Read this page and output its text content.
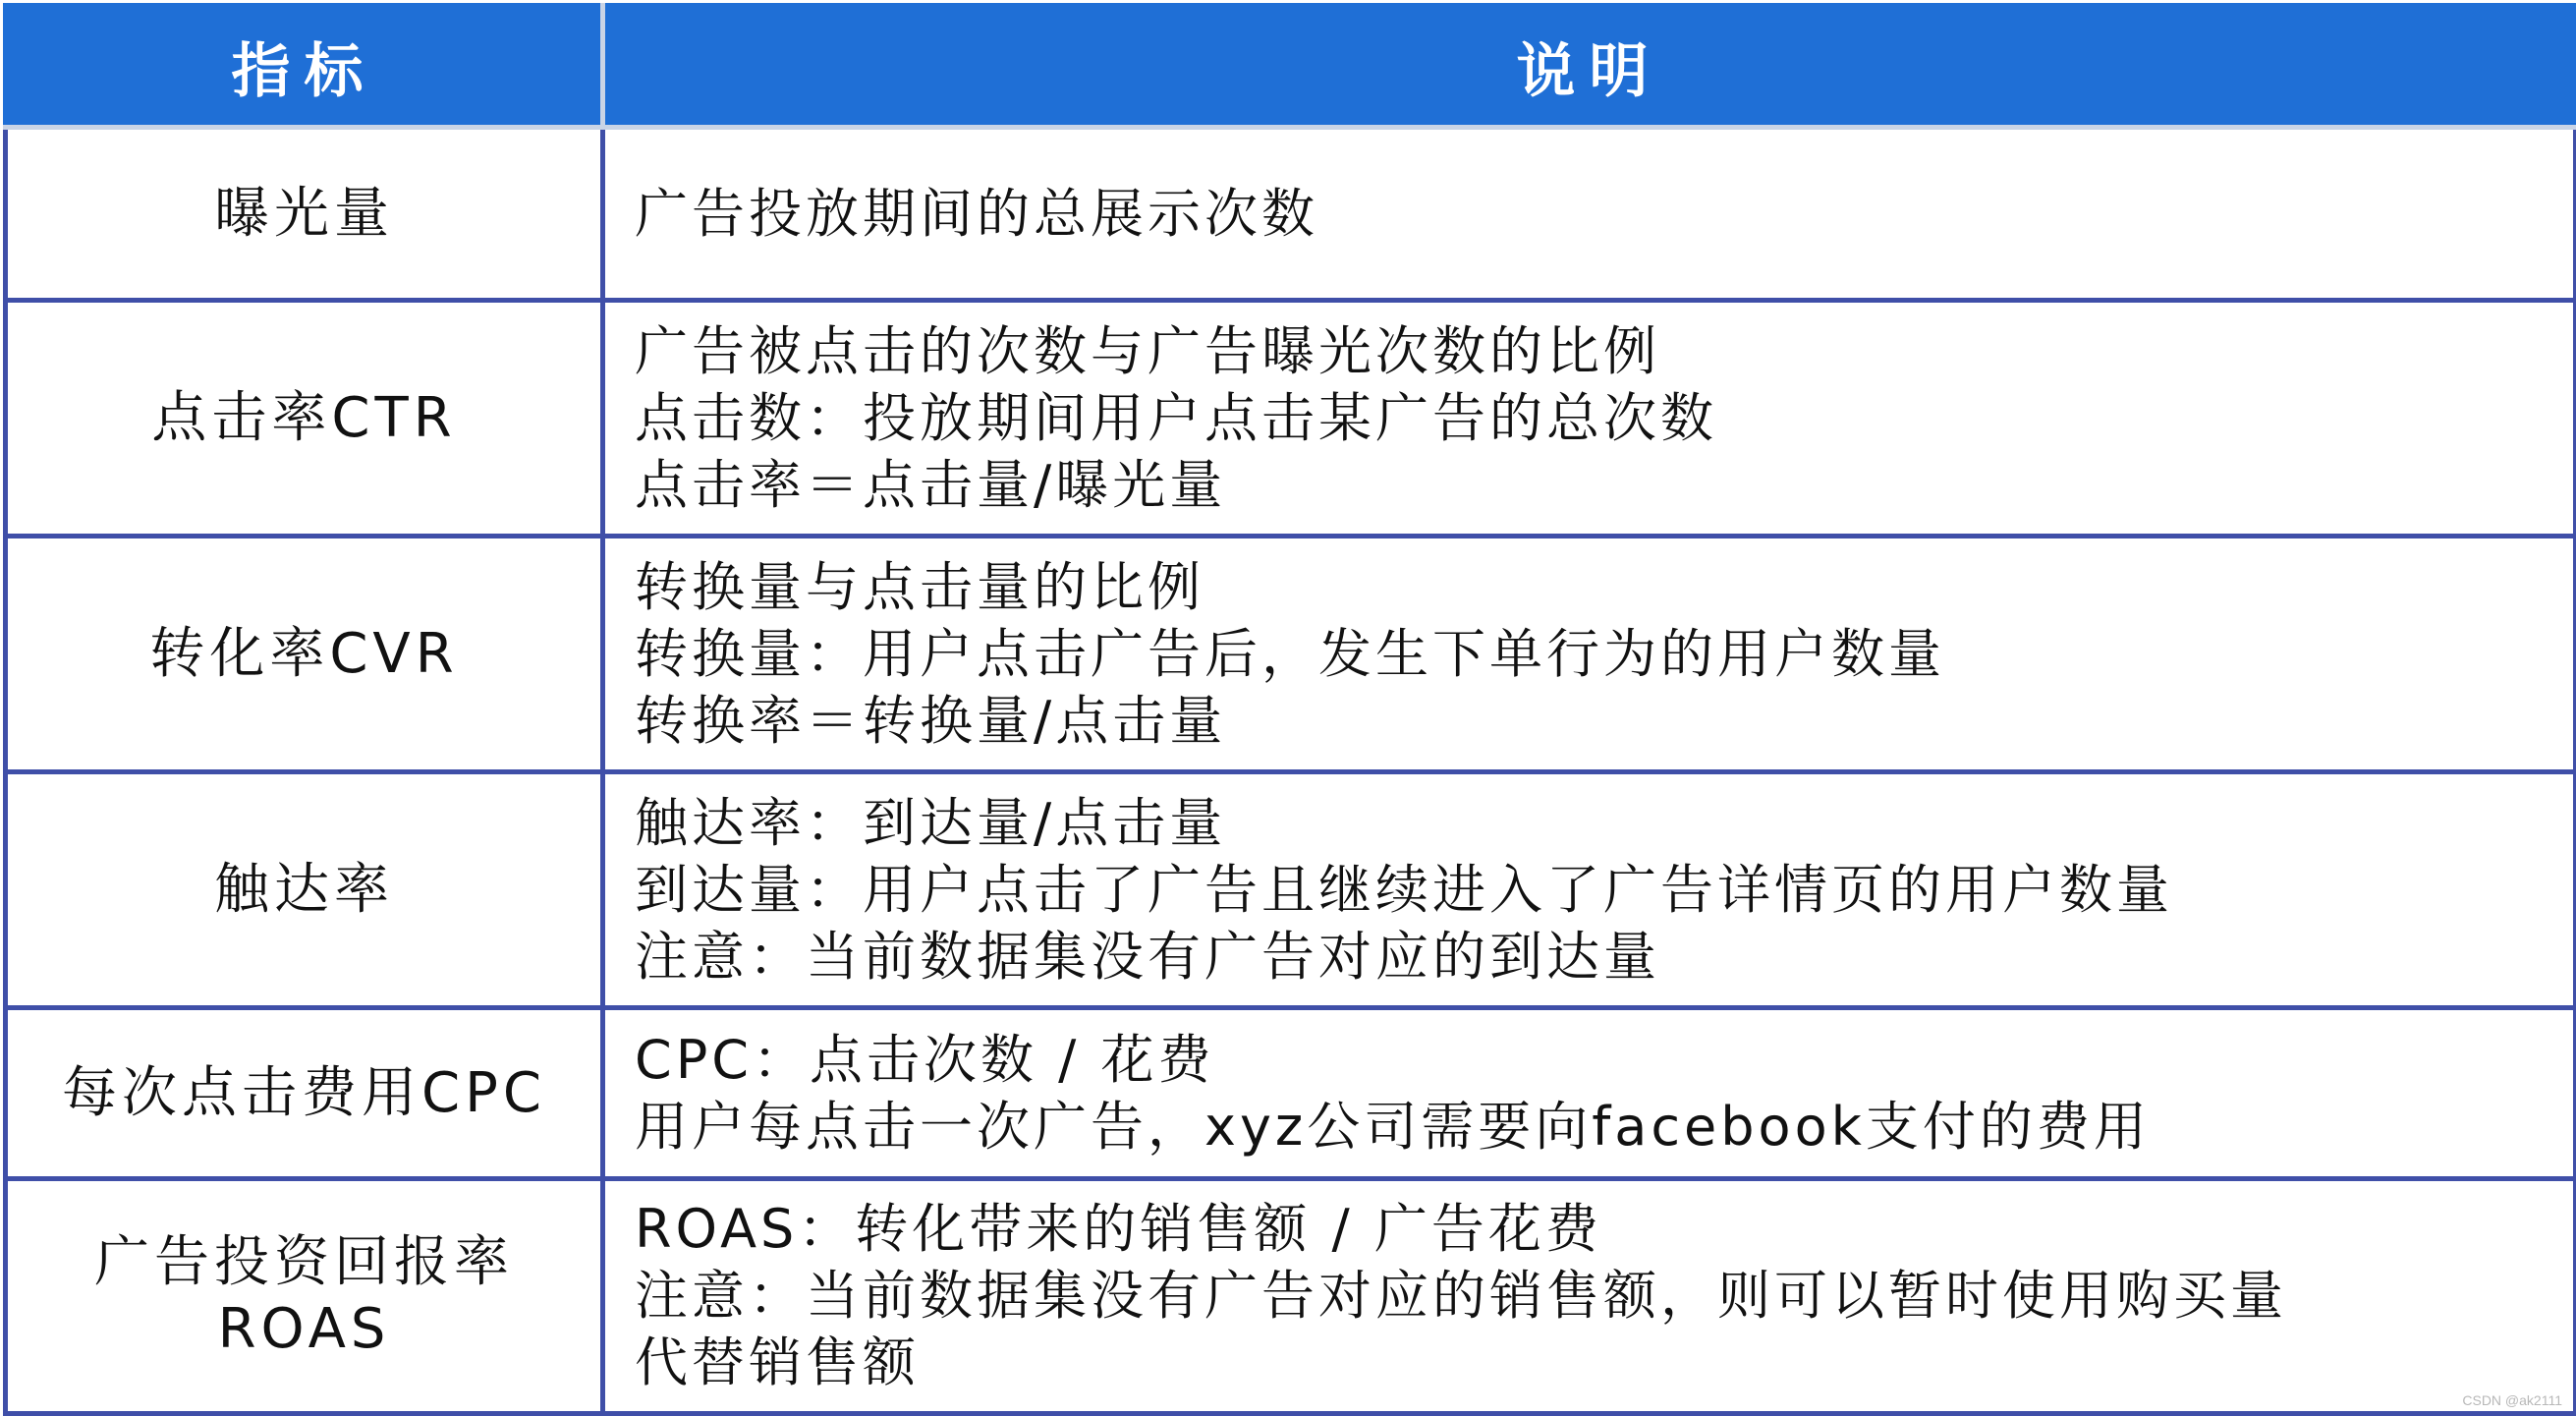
指标	说明
曝光量	广告投放期间的总展示次数

点击率CTR	广告被点击的次数与广告曝光次数的比例
点击数：投放期间用户点击某广告的总次数
点击率＝点击量/曝光量

转化率CVR	转换量与点击量的比例
转换量：用户点击广告后，发生下单行为的用户数量
转换率＝转换量/点击量

触达率	触达率：到达量/点击量
到达量：用户点击了广告且继续进入了广告详情页的用户数量
注意：当前数据集没有广告对应的到达量

每次点击费用CPC	CPC：点击次数 / 花费
用户每点击一次广告，xyz公司需要向facebook支付的费用

广告投资回报率
ROAS	ROAS：转化带来的销售额 / 广告花费
注意：当前数据集没有广告对应的销售额，则可以暂时使用购买量
代替销售额
CSDN @ak2111
